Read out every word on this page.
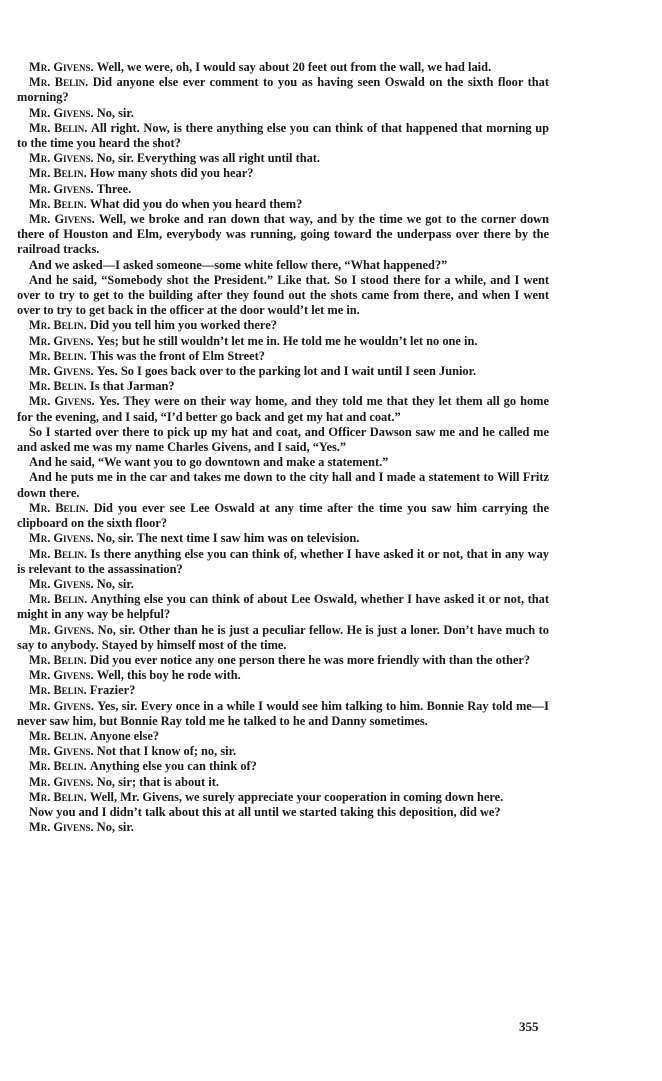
Mr. Givens. Well, we were, oh, I would say about 20 feet out from the wall, we had laid.

Mr. Belin. Did anyone else ever comment to you as having seen Oswald on the sixth floor that morning?

Mr. Givens. No, sir.

Mr. Belin. All right. Now, is there anything else you can think of that happened that morning up to the time you heard the shot?

Mr. Givens. No, sir. Everything was all right until that.

Mr. Belin. How many shots did you hear?

Mr. Givens. Three.

Mr. Belin. What did you do when you heard them?

Mr. Givens. Well, we broke and ran down that way, and by the time we got to the corner down there of Houston and Elm, everybody was running, going toward the underpass over there by the railroad tracks.

And we asked—I asked someone—some white fellow there, “What happened?”

And he said, “Somebody shot the President.” Like that. So I stood there for a while, and I went over to try to get to the building after they found out the shots came from there, and when I went over to try to get back in the officer at the door would’t let me in.

Mr. Belin. Did you tell him you worked there?

Mr. Givens. Yes; but he still wouldn’t let me in. He told me he wouldn’t let no one in.

Mr. Belin. This was the front of Elm Street?

Mr. Givens. Yes. So I goes back over to the parking lot and I wait until I seen Junior.

Mr. Belin. Is that Jarman?

Mr. Givens. Yes. They were on their way home, and they told me that they let them all go home for the evening, and I said, “I’d better go back and get my hat and coat.”

So I started over there to pick up my hat and coat, and Officer Dawson saw me and he called me and asked me was my name Charles Givens, and I said, “Yes.”

And he said, “We want you to go downtown and make a statement.”

And he puts me in the car and takes me down to the city hall and I made a statement to Will Fritz down there.

Mr. Belin. Did you ever see Lee Oswald at any time after the time you saw him carrying the clipboard on the sixth floor?

Mr. Givens. No, sir. The next time I saw him was on television.

Mr. Belin. Is there anything else you can think of, whether I have asked it or not, that in any way is relevant to the assassination?

Mr. Givens. No, sir.

Mr. Belin. Anything else you can think of about Lee Oswald, whether I have asked it or not, that might in any way be helpful?

Mr. Givens. No, sir. Other than he is just a peculiar fellow. He is just a loner. Don’t have much to say to anybody. Stayed by himself most of the time.

Mr. Belin. Did you ever notice any one person there he was more friendly with than the other?

Mr. Givens. Well, this boy he rode with.

Mr. Belin. Frazier?

Mr. Givens. Yes, sir. Every once in a while I would see him talking to him. Bonnie Ray told me—I never saw him, but Bonnie Ray told me he talked to he and Danny sometimes.

Mr. Belin. Anyone else?

Mr. Givens. Not that I know of; no, sir.

Mr. Belin. Anything else you can think of?

Mr. Givens. No, sir; that is about it.

Mr. Belin. Well, Mr. Givens, we surely appreciate your cooperation in coming down here.

Now you and I didn’t talk about this at all until we started taking this deposition, did we?

Mr. Givens. No, sir.

355
